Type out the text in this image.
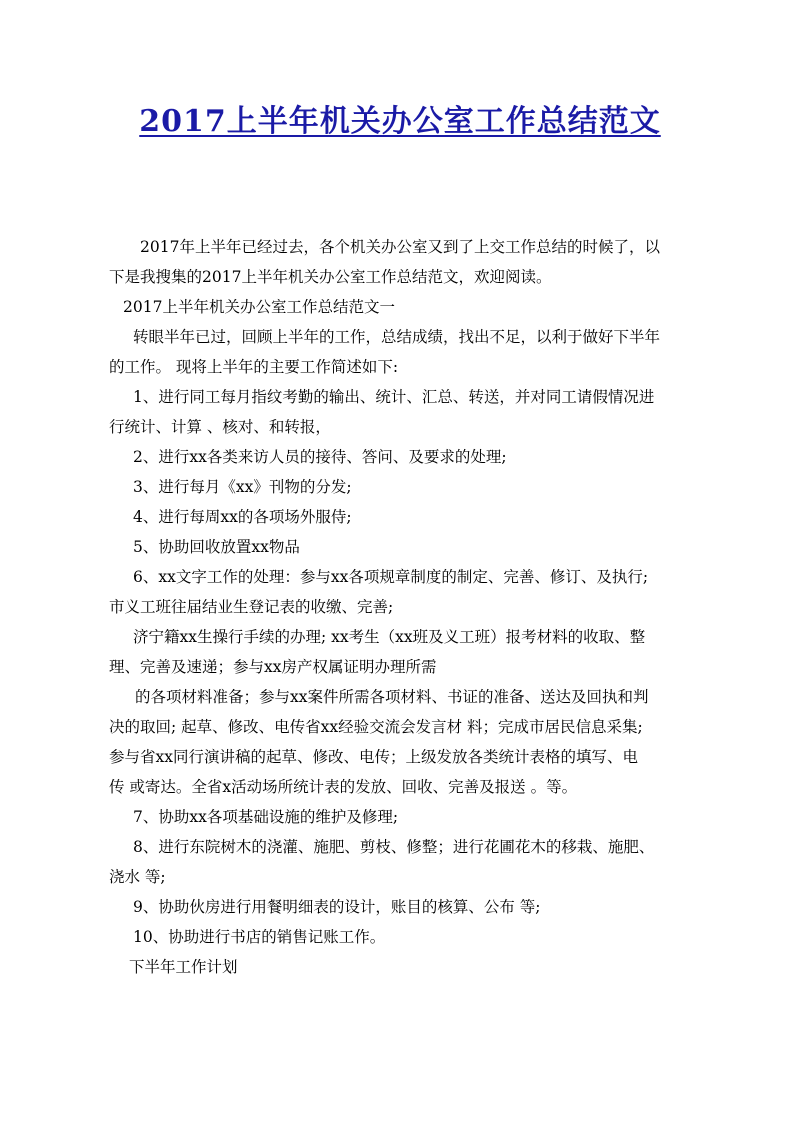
2017上半年机关办公室工作总结范文
2017年上半年已经过去，各个机关办公室又到了上交工作总结的时候了，以
下是我搜集的2017上半年机关办公室工作总结范文，欢迎阅读。
2017上半年机关办公室工作总结范文一
转眼半年已过，回顾上半年的工作，总结成绩，找出不足，以利于做好下半年
的工作。 现将上半年的主要工作简述如下:
1、进行同工每月指纹考勤的输出、统计、汇总、转送，并对同工请假情况进
行统计、计算 、核对、和转报，
2、进行xx各类来访人员的接待、答问、及要求的处理;
3、进行每月《xx》刊物的分发;
4、进行每周xx的各项场外服侍;
5、协助回收放置xx物品
6、xx文字工作的处理：参与xx各项规章制度的制定、完善、修订、及执行;
市义工班往届结业生登记表的收缴、完善;
济宁籍xx生操行手续的办理; xx考生（xx班及义工班）报考材料的收取、整
理、完善及速递；参与xx房产权属证明办理所需
的各项材料准备；参与xx案件所需各项材料、书证的准备、送达及回执和判
决的取回; 起草、修改、电传省xx经验交流会发言材 料；完成市居民信息采集;
参与省xx同行演讲稿的起草、修改、电传；上级发放各类统计表格的填写、电
传 或寄达。全省x活动场所统计表的发放、回收、完善及报送 。等。
7、协助xx各项基础设施的维护及修理;
8、进行东院树木的浇灌、施肥、剪枝、修整；进行花圃花木的移栽、施肥、
浇水 等;
9、协助伙房进行用餐明细表的设计，账目的核算、公布 等;
10、协助进行书店的销售记账工作。
下半年工作计划
